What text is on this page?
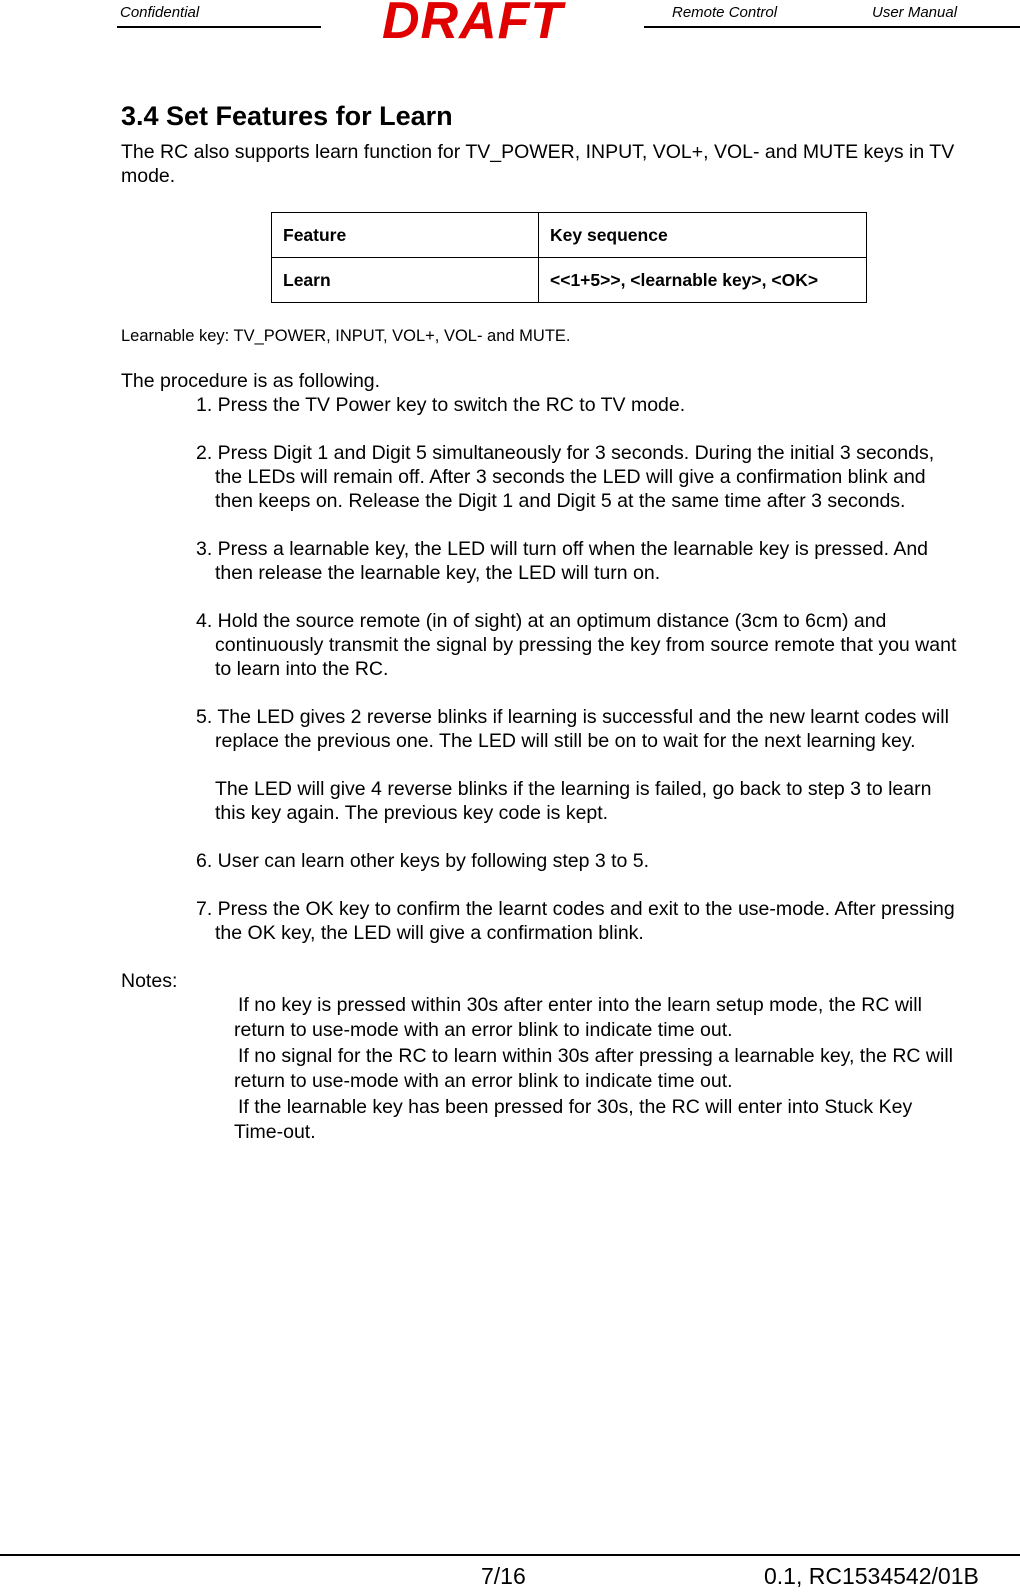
Confidential	DRAFT	Remote Control	User Manual
3.4 Set Features for Learn
The RC also supports learn function for TV_POWER, INPUT, VOL+, VOL- and MUTE keys in TV
mode.
Feature	Key sequence
Learn	<<1+5>>, <learnable key>, <OK>
Learnable key: TV_POWER, INPUT, VOL+, VOL- and MUTE.
The procedure is as following.
1. Press the TV Power key to switch the RC to TV mode.
2. Press Digit 1 and Digit 5 simultaneously for 3 seconds. During the initial 3 seconds,
the LEDs will remain off. After 3 seconds the LED will give a confirmation blink and
then keeps on. Release the Digit 1 and Digit 5 at the same time after 3 seconds.
3. Press a learnable key, the LED will turn off when the learnable key is pressed. And
then release the learnable key, the LED will turn on.
4. Hold the source remote (in of sight) at an optimum distance (3cm to 6cm) and
continuously transmit the signal by pressing the key from source remote that you want
to learn into the RC.
5. The LED gives 2 reverse blinks if learning is successful and the new learnt codes will
replace the previous one. The LED will still be on to wait for the next learning key.
The LED will give 4 reverse blinks if the learning is failed, go back to step 3 to learn
this key again. The previous key code is kept.
6. User can learn other keys by following step 3 to 5.
7. Press the OK key to confirm the learnt codes and exit to the use-mode. After pressing
the OK key, the LED will give a confirmation blink.
Notes:
If no key is pressed within 30s after enter into the learn setup mode, the RC will
return to use-mode with an error blink to indicate time out.
If no signal for the RC to learn within 30s after pressing a learnable key, the RC will
return to use-mode with an error blink to indicate time out.
If the learnable key has been pressed for 30s, the RC will enter into Stuck Key
Time-out.
7/16	0.1, RC1534542/01B
